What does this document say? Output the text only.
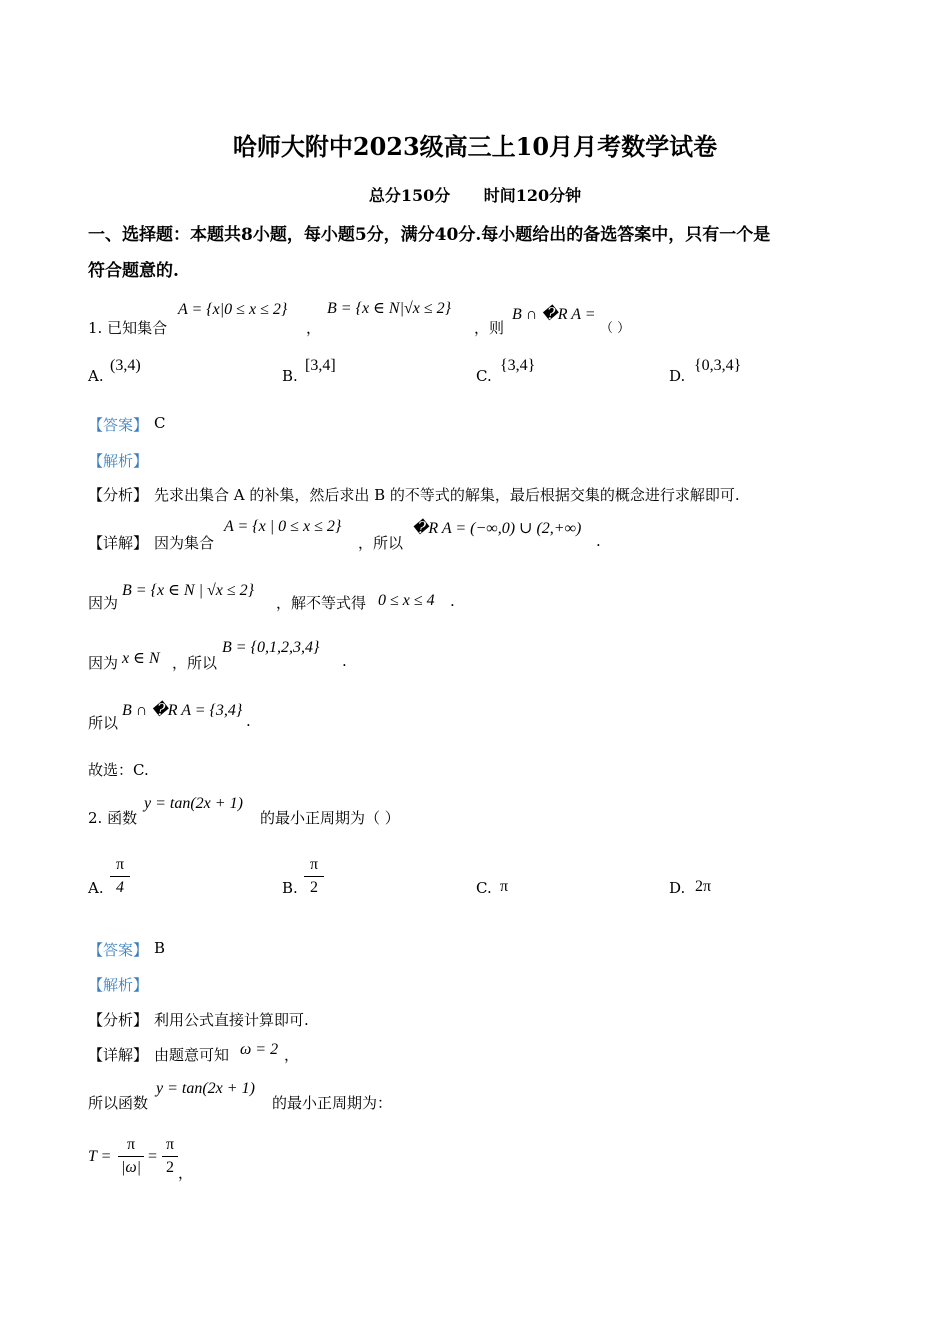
哈师大附中2023级高三上10月月考数学试卷
总分150分      时间120分钟
一、选择题：本题共8小题，每小题5分，满分40分.每小题给出的备选答案中，只有一个是
符合题意的.
1. 已知集合
A = {x|0 ≤ x ≤ 2}
，
B = {x ∈ N|√x ≤ 2}
，则
B ∩ �R A =
（ ）
A.
(3,4)
B.
[3,4]
C.
{3,4}
D.
{0,3,4}
【答案】 C
【解析】
【分析】 先求出集合 A 的补集，然后求出 B 的不等式的解集，最后根据交集的概念进行求解即可.
【详解】 因为集合
A = {x | 0 ≤ x ≤ 2}
，所以
�R A = (−∞,0) ∪ (2,+∞)
.
因为
B = {x ∈ N | √x ≤ 2}
，解不等式得 0 ≤ x ≤ 4 .
因为 x ∈ N ，所以
B = {0,1,2,3,4}
.
所以
B ∩ �R A = {3,4}
.
故选：C.
2. 函数
y = tan(2x + 1)
的最小正周期为（ ）
A.
π
4	B.
π
2	C. π	D. 2π
【答案】 B
【解析】
【分析】 利用公式直接计算即可.
【详解】 由题意可知 ω = 2 ，
所以函数
y = tan(2x + 1)
的最小正周期为：
T =
π
|ω|
=
π
2 ，
